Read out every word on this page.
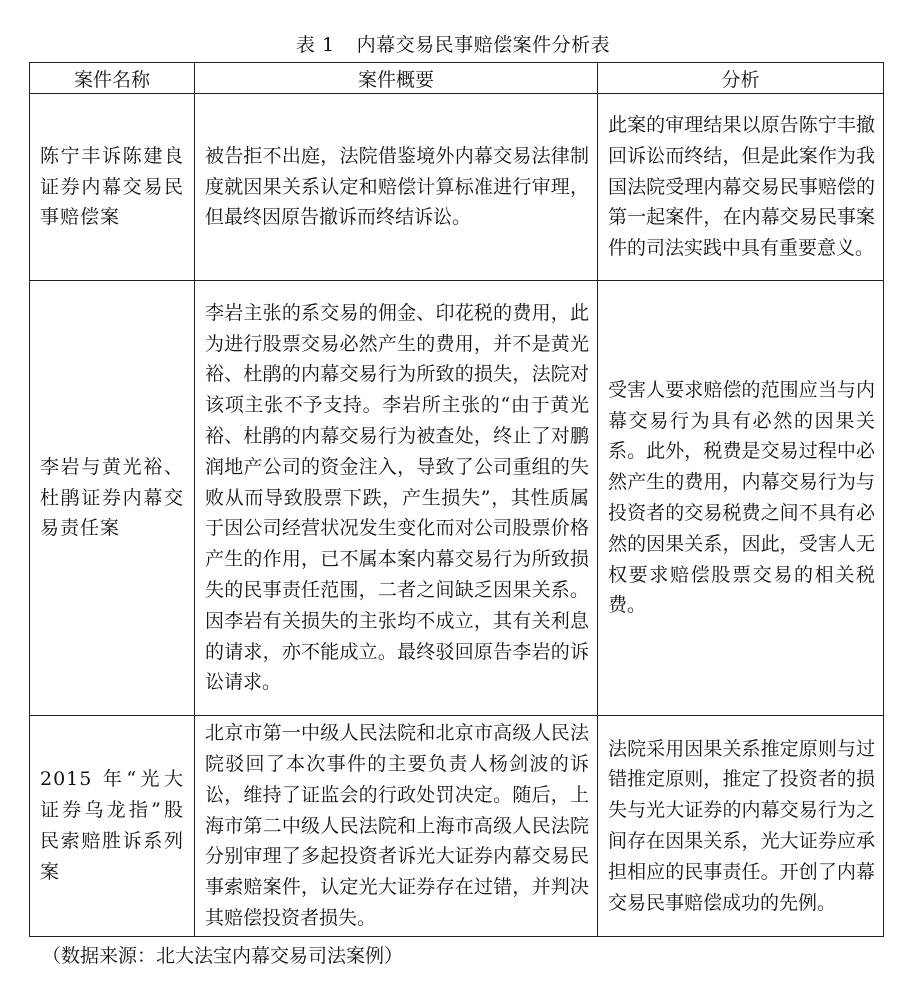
表 1 内幕交易民事赔偿案件分析表
案件名称	案件概要	分析
陈宁丰诉陈建良证券内幕交易民事赔偿案	被告拒不出庭，法院借鉴境外内幕交易法律制度就因果关系认定和赔偿计算标准进行审理，但最终因原告撤诉而终结诉讼。	此案的审理结果以原告陈宁丰撤回诉讼而终结，但是此案作为我国法院受理内幕交易民事赔偿的第一起案件，在内幕交易民事案件的司法实践中具有重要意义。
李岩与黄光裕、杜鹃证券内幕交易责任案	李岩主张的系交易的佣金、印花税的费用，此为进行股票交易必然产生的费用，并不是黄光裕、杜鹃的内幕交易行为所致的损失，法院对该项主张不予支持。李岩所主张的“由于黄光裕、杜鹃的内幕交易行为被查处，终止了对鹏润地产公司的资金注入，导致了公司重组的失败从而导致股票下跌，产生损失”，其性质属于因公司经营状况发生变化而对公司股票价格产生的作用，已不属本案内幕交易行为所致损失的民事责任范围，二者之间缺乏因果关系。因李岩有关损失的主张均不成立，其有关利息的请求，亦不能成立。最终驳回原告李岩的诉讼请求。	受害人要求赔偿的范围应当与内幕交易行为具有必然的因果关系。此外，税费是交易过程中必然产生的费用，内幕交易行为与投资者的交易税费之间不具有必然的因果关系，因此，受害人无权要求赔偿股票交易的相关税费。
2015 年“光大证券乌龙指”股民索赔胜诉系列案	北京市第一中级人民法院和北京市高级人民法院驳回了本次事件的主要负责人杨剑波的诉讼，维持了证监会的行政处罚决定。随后，上海市第二中级人民法院和上海市高级人民法院分别审理了多起投资者诉光大证券内幕交易民事索赔案件，认定光大证券存在过错，并判决其赔偿投资者损失。	法院采用因果关系推定原则与过错推定原则，推定了投资者的损失与光大证券的内幕交易行为之间存在因果关系，光大证券应承担相应的民事责任。开创了内幕交易民事赔偿成功的先例。
（数据来源：北大法宝内幕交易司法案例）
